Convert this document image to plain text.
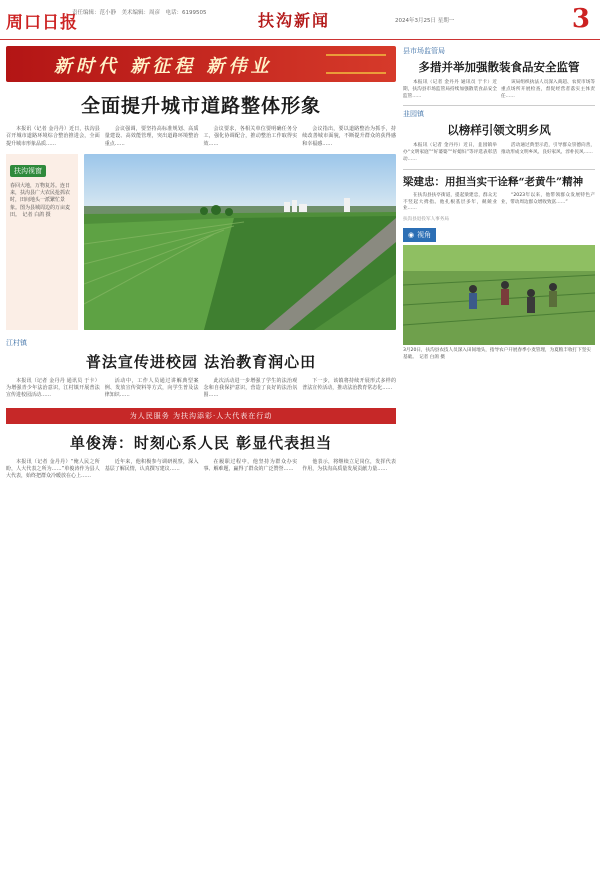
周口日报
责任编辑：范小静　美术编辑：周彦　电话：6199505	扶沟新闻	2024年3月25日 星期一	3
新时代 新征程 新伟业
全面提升城市道路整体形象

本报讯（记者 金丹丹）近日，扶沟县召开城市道路环境综合整治推进会，全面提升城市形象品质……

会议强调，要坚持高标准规划、高质量建设、高效能管理，突出道路环境整治重点……

会议要求，各相关单位要明确任务分工，强化协调配合，推动整治工作取得实效……

会议指出，要以道路整治为抓手，持续改善城市面貌，不断提升群众的获得感和幸福感……

扶沟视窗
春回大地，万物复苏。连日来，扶沟县广大农民抢抓农时，田间地头一派繁忙景象。图为县城周边的万亩麦田。　记者 白鸽 摄
江村镇
普法宣传进校园 法治教育润心田

本报讯（记者 金丹丹 通讯员 于卡）为增强青少年法治意识，江村镇开展普法宣传进校园活动……

活动中，工作人员通过讲解典型案例、发放宣传资料等方式，向学生普及法律知识……

此次活动进一步增强了学生的法治观念和自我保护意识，营造了良好的法治氛围……

下一步，该镇将持续开展形式多样的普法宣传活动，推动法治教育常态化……

为人民服务 为扶沟添彩·人大代表在行动
单俊涛：时刻心系人民 彰显代表担当

本报讯（记者 金丹丹）“俺人民之所盼，人大代表之所为……”单俊涛作为县人大代表，始终把群众冷暖放在心上……

近年来，他积极参与调研视察，深入基层了解民情，认真撰写建议……

在履职过程中，他坚持为群众办实事、解难题，赢得了群众的广泛赞誉……

他表示，将继续立足岗位，发挥代表作用，为扶沟高质量发展贡献力量……

县市场监管局
多措并举加强散装食品安全监管

本报讯（记者 金丹丹 通讯员 于卡）近期，扶沟县市场监管局持续加强散装食品安全监管……

该局组织执法人员深入商超、农贸市场等重点场所开展检查，督促经营者落实主体责任……

韭园镇
以榜样引领文明乡风

本报讯（记者 金丹丹）近日，韭园镇举办“文明家庭”“好婆婆”“好媳妇”等评选表彰活动……

活动通过典型示范，引导群众崇德向善，推动形成文明乡风、良好家风、淳朴民风……

梁建忠：用担当实干诠释“老黄牛”精神

在扶沟县扶亭街道，提起梁建忠，群众无不竖起大拇指。他扎根基层多年，兢兢业业……

“2023年以来，他带领群众发展特色产业，带动周边群众增收致富……”

扶沟县退役军人事务局
◉ 视角
3月20日，扶沟县农技人员深入田间地头，指导农户开展春季小麦管理，为夏粮丰收打下坚实基础。　记者 白鸽 摄
